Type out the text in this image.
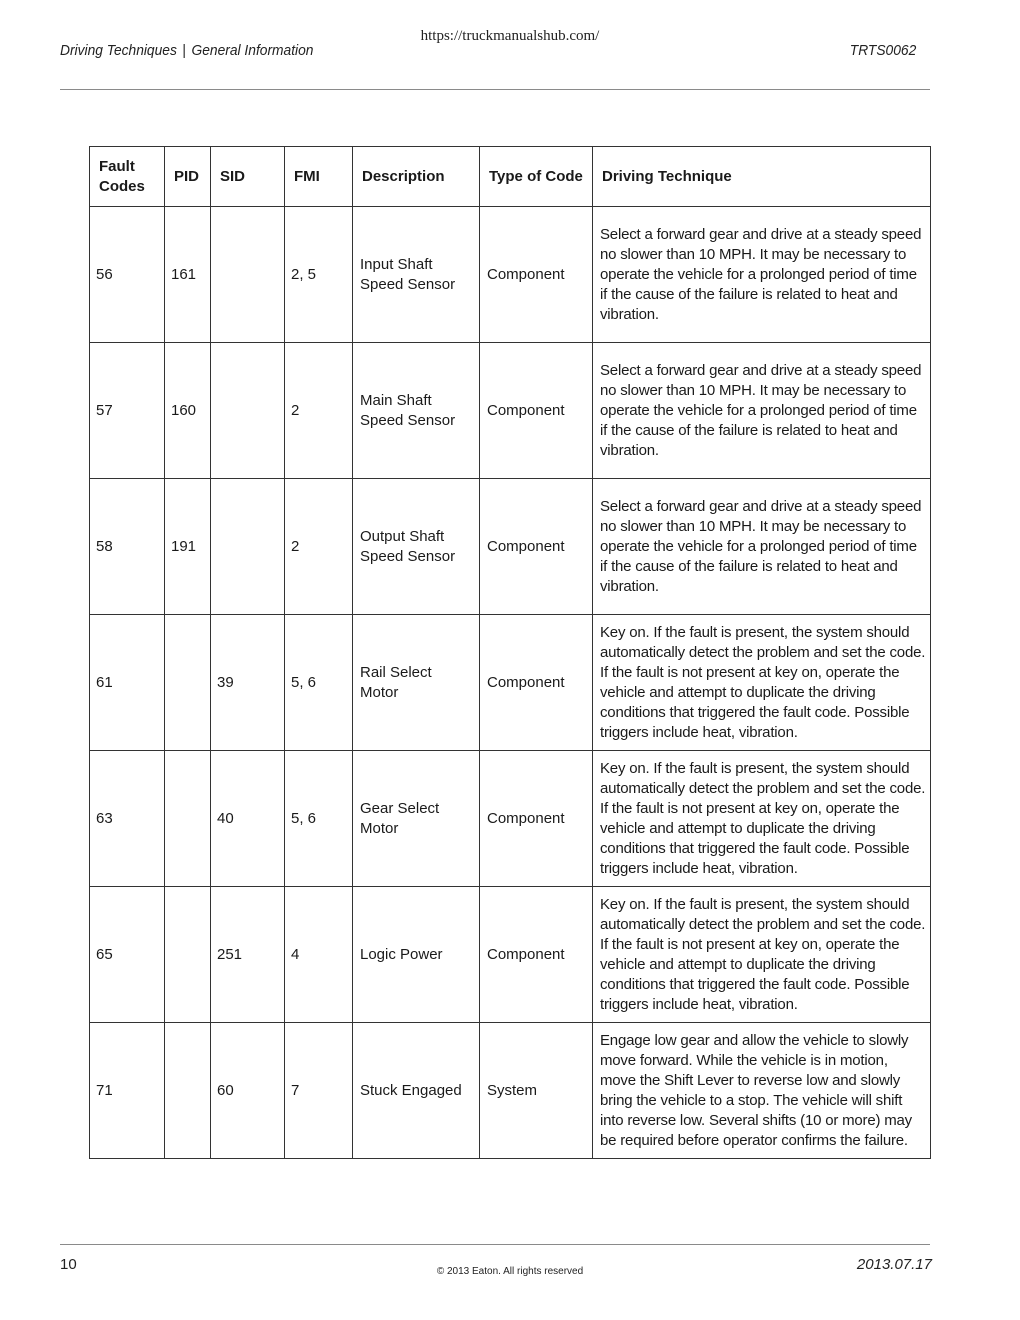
https://truckmanualshub.com/
Driving Techniques | General Information	TRTS0062
Fault Codes	PID	SID	FMI	Description	Type of Code	Driving Technique
56	161		2, 5	Input Shaft Speed Sensor	Component	Select a forward gear and drive at a steady speed no slower than 10 MPH. It may be necessary to operate the vehicle for a prolonged period of time if the cause of the failure is related to heat and vibration.
57	160		2	Main Shaft Speed Sensor	Component	Select a forward gear and drive at a steady speed no slower than 10 MPH. It may be necessary to operate the vehicle for a prolonged period of time if the cause of the failure is related to heat and vibration.
58	191		2	Output Shaft Speed Sensor	Component	Select a forward gear and drive at a steady speed no slower than 10 MPH. It may be necessary to operate the vehicle for a prolonged period of time if the cause of the failure is related to heat and vibration.
61		39	5, 6	Rail Select Motor	Component	Key on. If the fault is present, the system should automatically detect the problem and set the code. If the fault is not present at key on, operate the vehicle and attempt to duplicate the driving conditions that triggered the fault code. Possible triggers include heat, vibration.
63		40	5, 6	Gear Select Motor	Component	Key on. If the fault is present, the system should automatically detect the problem and set the code. If the fault is not present at key on, operate the vehicle and attempt to duplicate the driving conditions that triggered the fault code. Possible triggers include heat, vibration.
65		251	4	Logic Power	Component	Key on. If the fault is present, the system should automatically detect the problem and set the code. If the fault is not present at key on, operate the vehicle and attempt to duplicate the driving conditions that triggered the fault code. Possible triggers include heat, vibration.
71		60	7	Stuck Engaged	System	Engage low gear and allow the vehicle to slowly move forward. While the vehicle is in motion, move the Shift Lever to reverse low and slowly bring the vehicle to a stop. The vehicle will shift into reverse low. Several shifts (10 or more) may be required before operator confirms the failure.
10	© 2013 Eaton. All rights reserved	2013.07.17
